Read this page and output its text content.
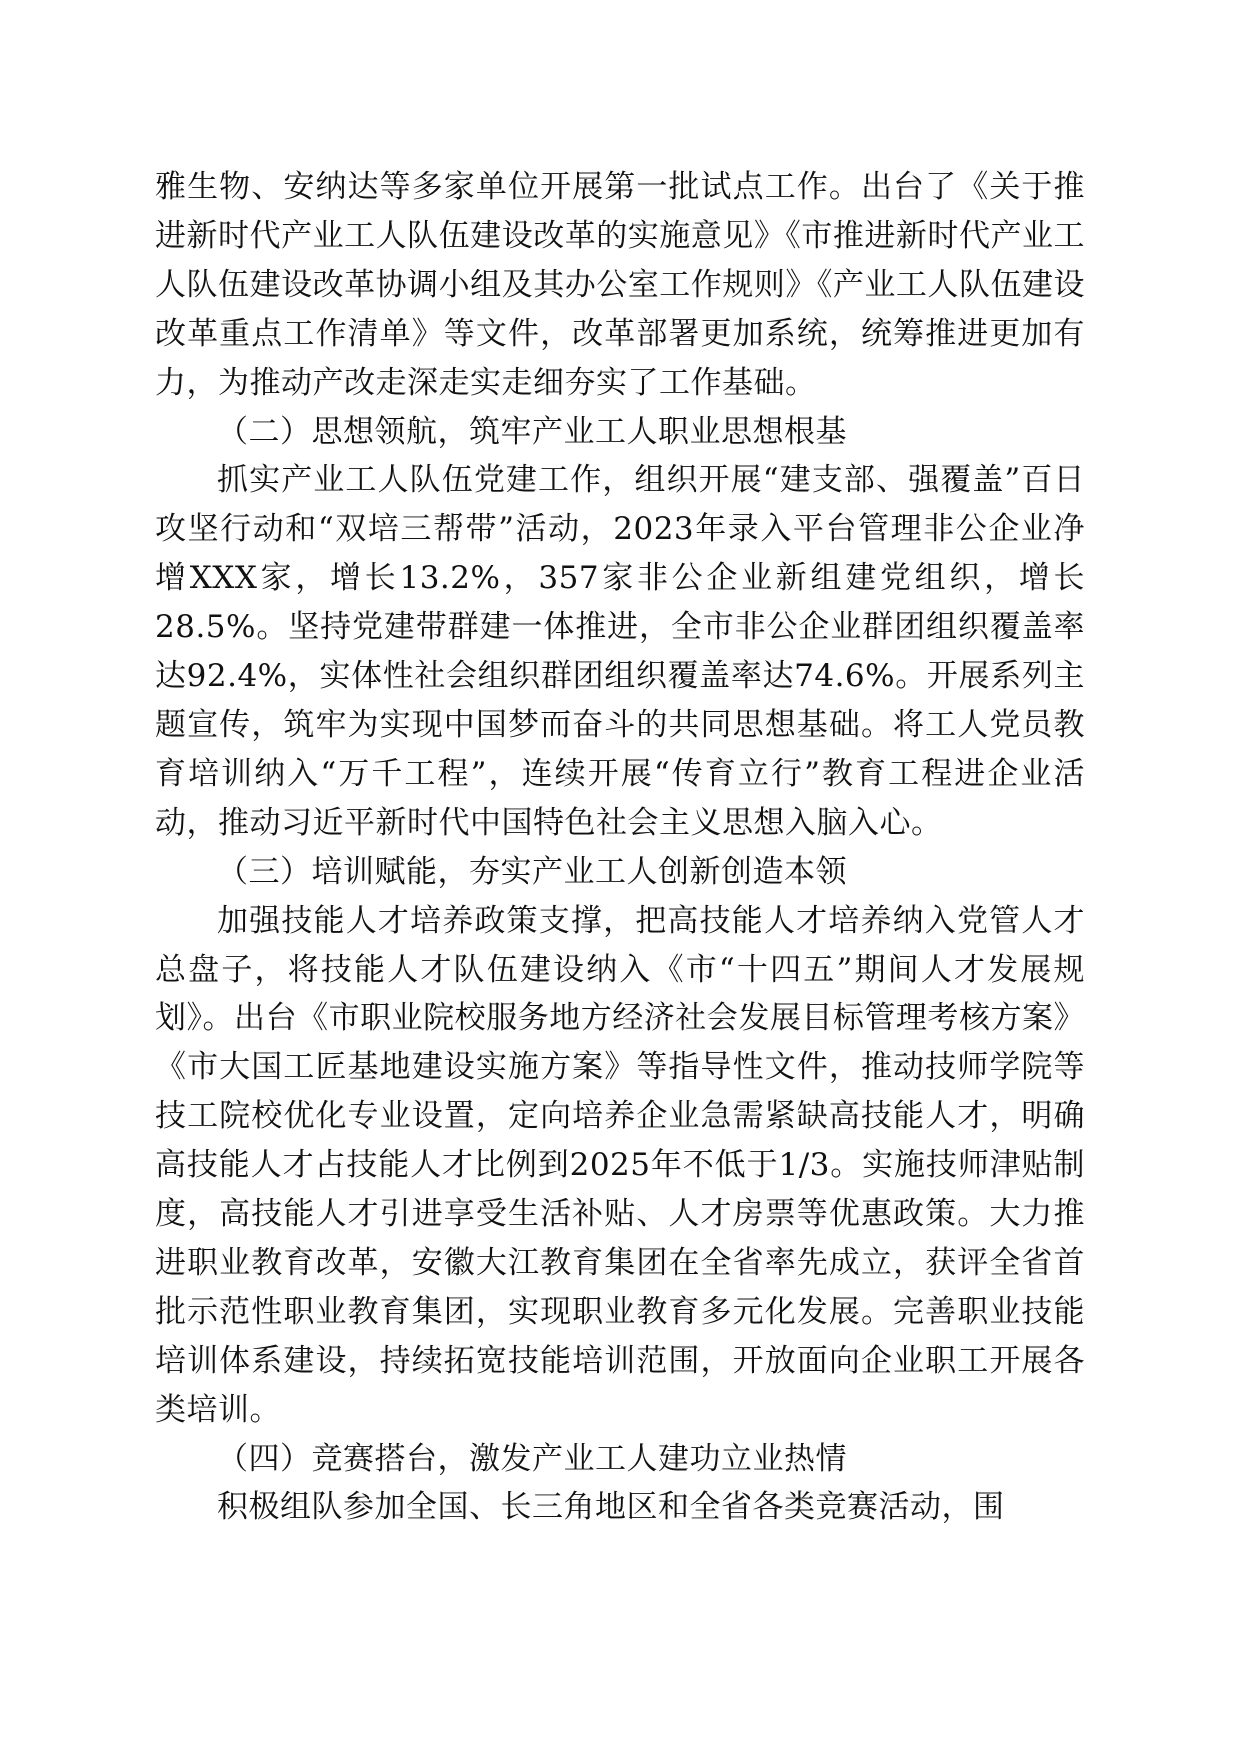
雅生物、安纳达等多家单位开展第一批试点工作。出台了《关于推进新时代产业工人队伍建设改革的实施意见》《市推进新时代产业工人队伍建设改革协调小组及其办公室工作规则》《产业工人队伍建设改革重点工作清单》等文件，改革部署更加系统，统筹推进更加有力，为推动产改走深走实走细夯实了工作基础。

（二）思想领航，筑牢产业工人职业思想根基

抓实产业工人队伍党建工作，组织开展“建支部、强覆盖”百日攻坚行动和“双培三帮带”活动，2023年录入平台管理非公企业净增XXX家，增长13.2%，357家非公企业新组建党组织，增长28.5%。坚持党建带群建一体推进，全市非公企业群团组织覆盖率达92.4%，实体性社会组织群团组织覆盖率达74.6%。开展系列主题宣传，筑牢为实现中国梦而奋斗的共同思想基础。将工人党员教育培训纳入“万千工程”，连续开展“传育立行”教育工程进企业活动，推动习近平新时代中国特色社会主义思想入脑入心。

（三）培训赋能，夯实产业工人创新创造本领

加强技能人才培养政策支撑，把高技能人才培养纳入党管人才总盘子，将技能人才队伍建设纳入《市“十四五”期间人才发展规划》。出台《市职业院校服务地方经济社会发展目标管理考核方案》《市大国工匠基地建设实施方案》等指导性文件，推动技师学院等技工院校优化专业设置，定向培养企业急需紧缺高技能人才，明确高技能人才占技能人才比例到2025年不低于1/3。实施技师津贴制度，高技能人才引进享受生活补贴、人才房票等优惠政策。大力推进职业教育改革，安徽大江教育集团在全省率先成立，获评全省首批示范性职业教育集团，实现职业教育多元化发展。完善职业技能培训体系建设，持续拓宽技能培训范围，开放面向企业职工开展各类培训。

（四）竞赛搭台，激发产业工人建功立业热情

积极组队参加全国、长三角地区和全省各类竞赛活动，围
